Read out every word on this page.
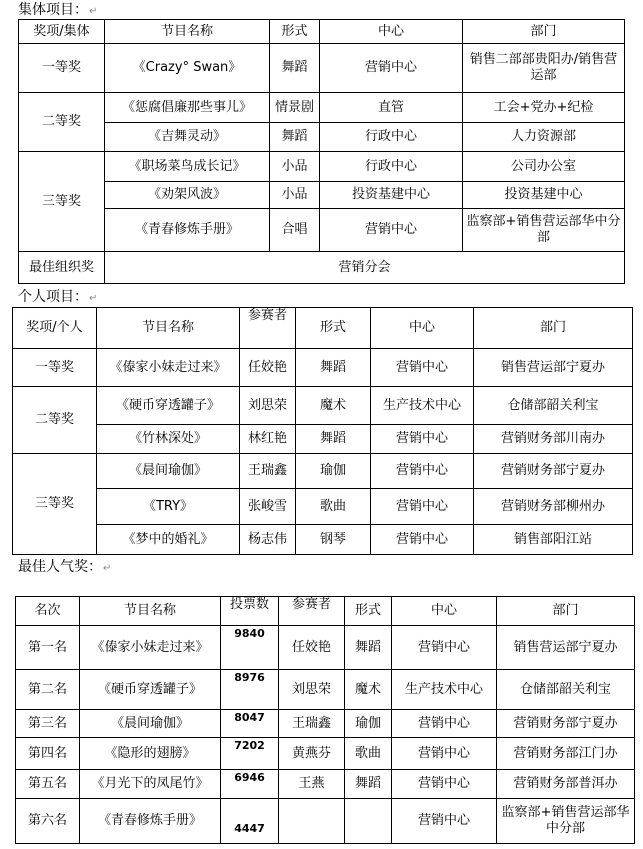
集体项目：↵
奖项/集体	节目名称	形式	中心	部门
一等奖	《Crazy° Swan》	舞蹈	营销中心	销售二部部贵阳办/销售营运部
二等奖	《惩腐倡廉那些事儿》	情景剧	直管	工会+党办+纪检
	《吉舞灵动》	舞蹈	行政中心	人力资源部
三等奖	《职场菜鸟成长记》	小品	行政中心	公司办公室
	《劝架风波》	小品	投资基建中心	投资基建中心
	《青春修炼手册》	合唱	营销中心	监察部+销售营运部华中分部
最佳组织奖	营销分会			
个人项目：↵
奖项/个人	节目名称	参赛者	形式	中心	部门
一等奖	《傣家小妹走过来》	任姣艳	舞蹈	营销中心	销售营运部宁夏办
二等奖	《硬币穿透罐子》	刘思荣	魔术	生产技术中心	仓储部韶关利宝
	《竹林深处》	林红艳	舞蹈	营销中心	营销财务部川南办
三等奖	《晨间瑜伽》	王瑞鑫	瑜伽	营销中心	营销财务部宁夏办
	《TRY》	张峻雪	歌曲	营销中心	营销财务部柳州办
	《梦中的婚礼》	杨志伟	钢琴	营销中心	销售部阳江站
最佳人气奖：↵
名次	节目名称	投票数	参赛者	形式	中心	部门
第一名	《傣家小妹走过来》	9840	任姣艳	舞蹈	营销中心	销售营运部宁夏办
第二名	《硬币穿透罐子》	8976	刘思荣	魔术	生产技术中心	仓储部韶关利宝
第三名	《晨间瑜伽》	8047	王瑞鑫	瑜伽	营销中心	营销财务部宁夏办
第四名	《隐形的翅膀》	7202	黄燕芬	歌曲	营销中心	营销财务部江门办
第五名	《月光下的凤尾竹》	6946	王燕	舞蹈	营销中心	营销财务部普洱办
第六名	《青春修炼手册》	4447			营销中心	监察部+销售营运部华中分部
